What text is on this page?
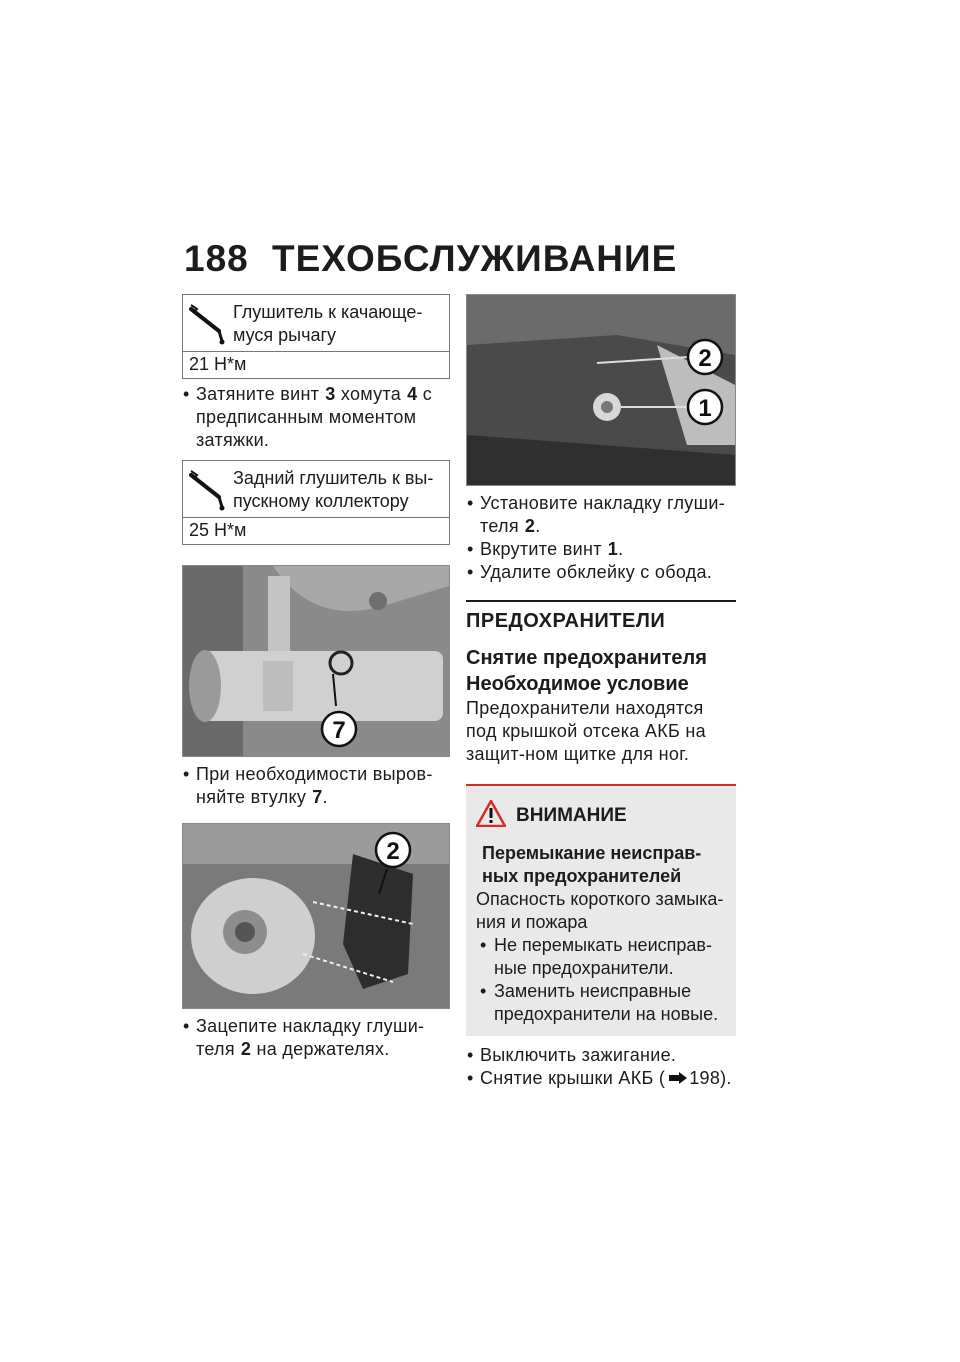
188 ТЕХОБСЛУЖИВАНИЕ
Глушитель к качающе-муся рычагу
21 Н*м
• Затяните винт 3 хомута 4 с предписанным моментом затяжки.
Задний глушитель к вы-пускному коллектору
25 Н*м
7
• При необходимости выров-няйте втулку 7.
2
• Зацепите накладку глуши-теля 2 на держателях.
2
1
• Установите накладку глуши-теля 2.
• Вкрутите винт 1.
• Удалите обклейку с обода.
ПРЕДОХРАНИТЕЛИ
Снятие предохранителя
Необходимое условие
Предохранители находятся под крышкой отсека АКБ на защит-ном щитке для ног.
ВНИМАНИЕ
Перемыкание неисправ-ных предохранителей
Опасность короткого замыка-ния и пожара
• Не перемыкать неисправ-ные предохранители.
• Заменить неисправные предохранители на новые.
• Выключить зажигание.
• Снятие крышки АКБ ( 198).
